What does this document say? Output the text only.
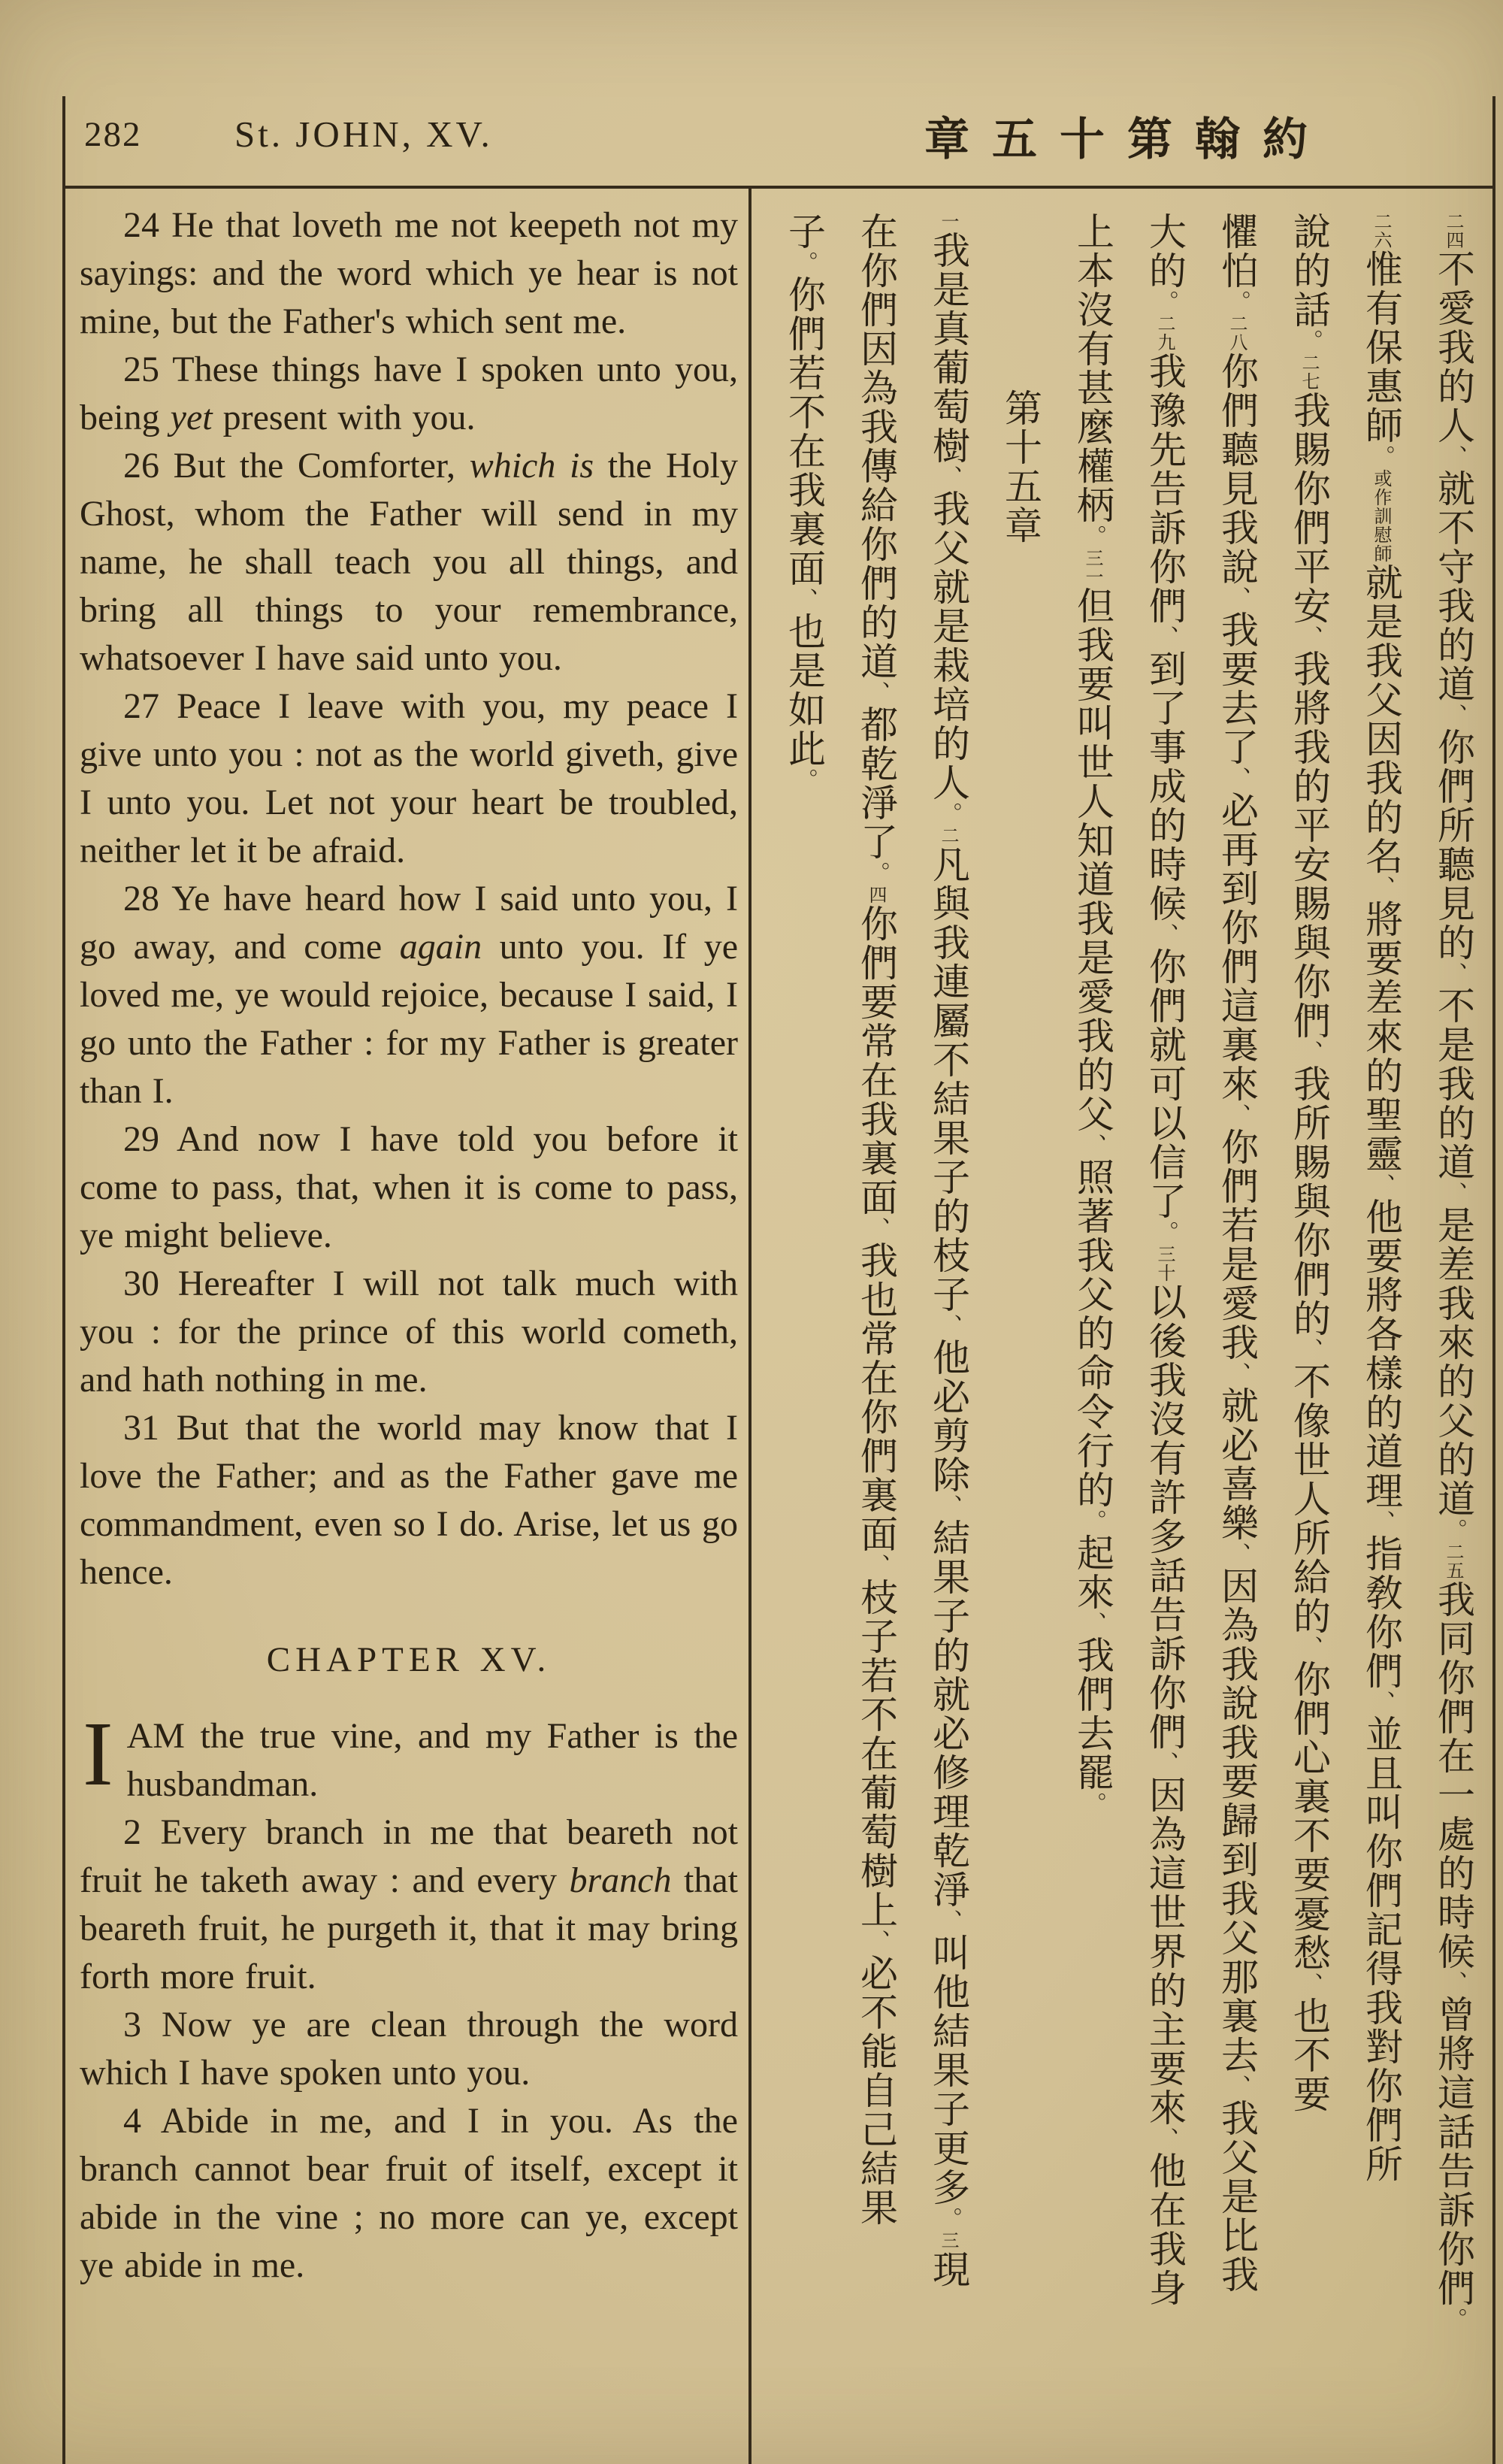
282	St. JOHN, XV.	章五十第翰約

24 He that loveth me not keepeth not my sayings: and the word which ye hear is not mine, but the Father's which sent me.

25 These things have I spoken unto you, being yet present with you.

26 But the Comforter, which is the Holy Ghost, whom the Father will send in my name, he shall teach you all things, and bring all things to your remembrance, whatsoever I have said unto you.

27 Peace I leave with you, my peace I give unto you : not as the world giveth, give I unto you. Let not your heart be troubled, neither let it be afraid.

28 Ye have heard how I said unto you, I go away, and come again unto you. If ye loved me, ye would rejoice, because I said, I go unto the Father : for my Father is greater than I.

29 And now I have told you before it come to pass, that, when it is come to pass, ye might believe.

30 Hereafter I will not talk much with you : for the prince of this world cometh, and hath nothing in me.

31 But that the world may know that I love the Father; and as the Father gave me commandment, even so I do. Arise, let us go hence.

CHAPTER XV.

IAM the true vine, and my Father is the husbandman.

2 Every branch in me that beareth not fruit he taketh away : and every branch that beareth fruit, he purgeth it, that it may bring forth more fruit.

3 Now ye are clean through the word which I have spoken unto you.

4 Abide in me, and I in you. As the branch cannot bear fruit of itself, except it abide in the vine ; no more can ye, except ye abide in me.

二四不愛我的人、就不守我的道、你們所聽見的、不是我的道、是差我來的父的道。二五我同你們在一處的時候、曾將這話告訴你們。
二六惟有保惠師。或作訓慰師就是我父因我的名、將要差來的聖靈、他要將各樣的道理、指敎你們、並且叫你們記得我對你們所
說的話。二七我賜你們平安、我將我的平安賜與你們、我所賜與你們的、不像世人所給的、你們心裏不要憂愁、也不要
懼怕。二八你們聽見我說、我要去了、必再到你們這裏來、你們若是愛我、就必喜樂、因為我說我要歸到我父那裏去、我父是比我
大的。二九我豫先告訴你們、到了事成的時候、你們就可以信了。三十以後我沒有許多話告訴你們、因為這世界的主要來、他在我身
上本沒有甚麼權柄。三一但我要叫世人知道我是愛我的父、照著我父的命令行的。起來、我們去罷。
第十五章
一我是真葡萄樹、我父就是栽培的人。二凡與我連屬不結果子的枝子、他必剪除、結果子的就必修理乾淨、叫他結果子更多。三現
在你們因為我傳給你們的道、都乾淨了。四你們要常在我裏面、我也常在你們裏面、枝子若不在葡萄樹上、必不能自己結果
子。你們若不在我裏面、也是如此。
